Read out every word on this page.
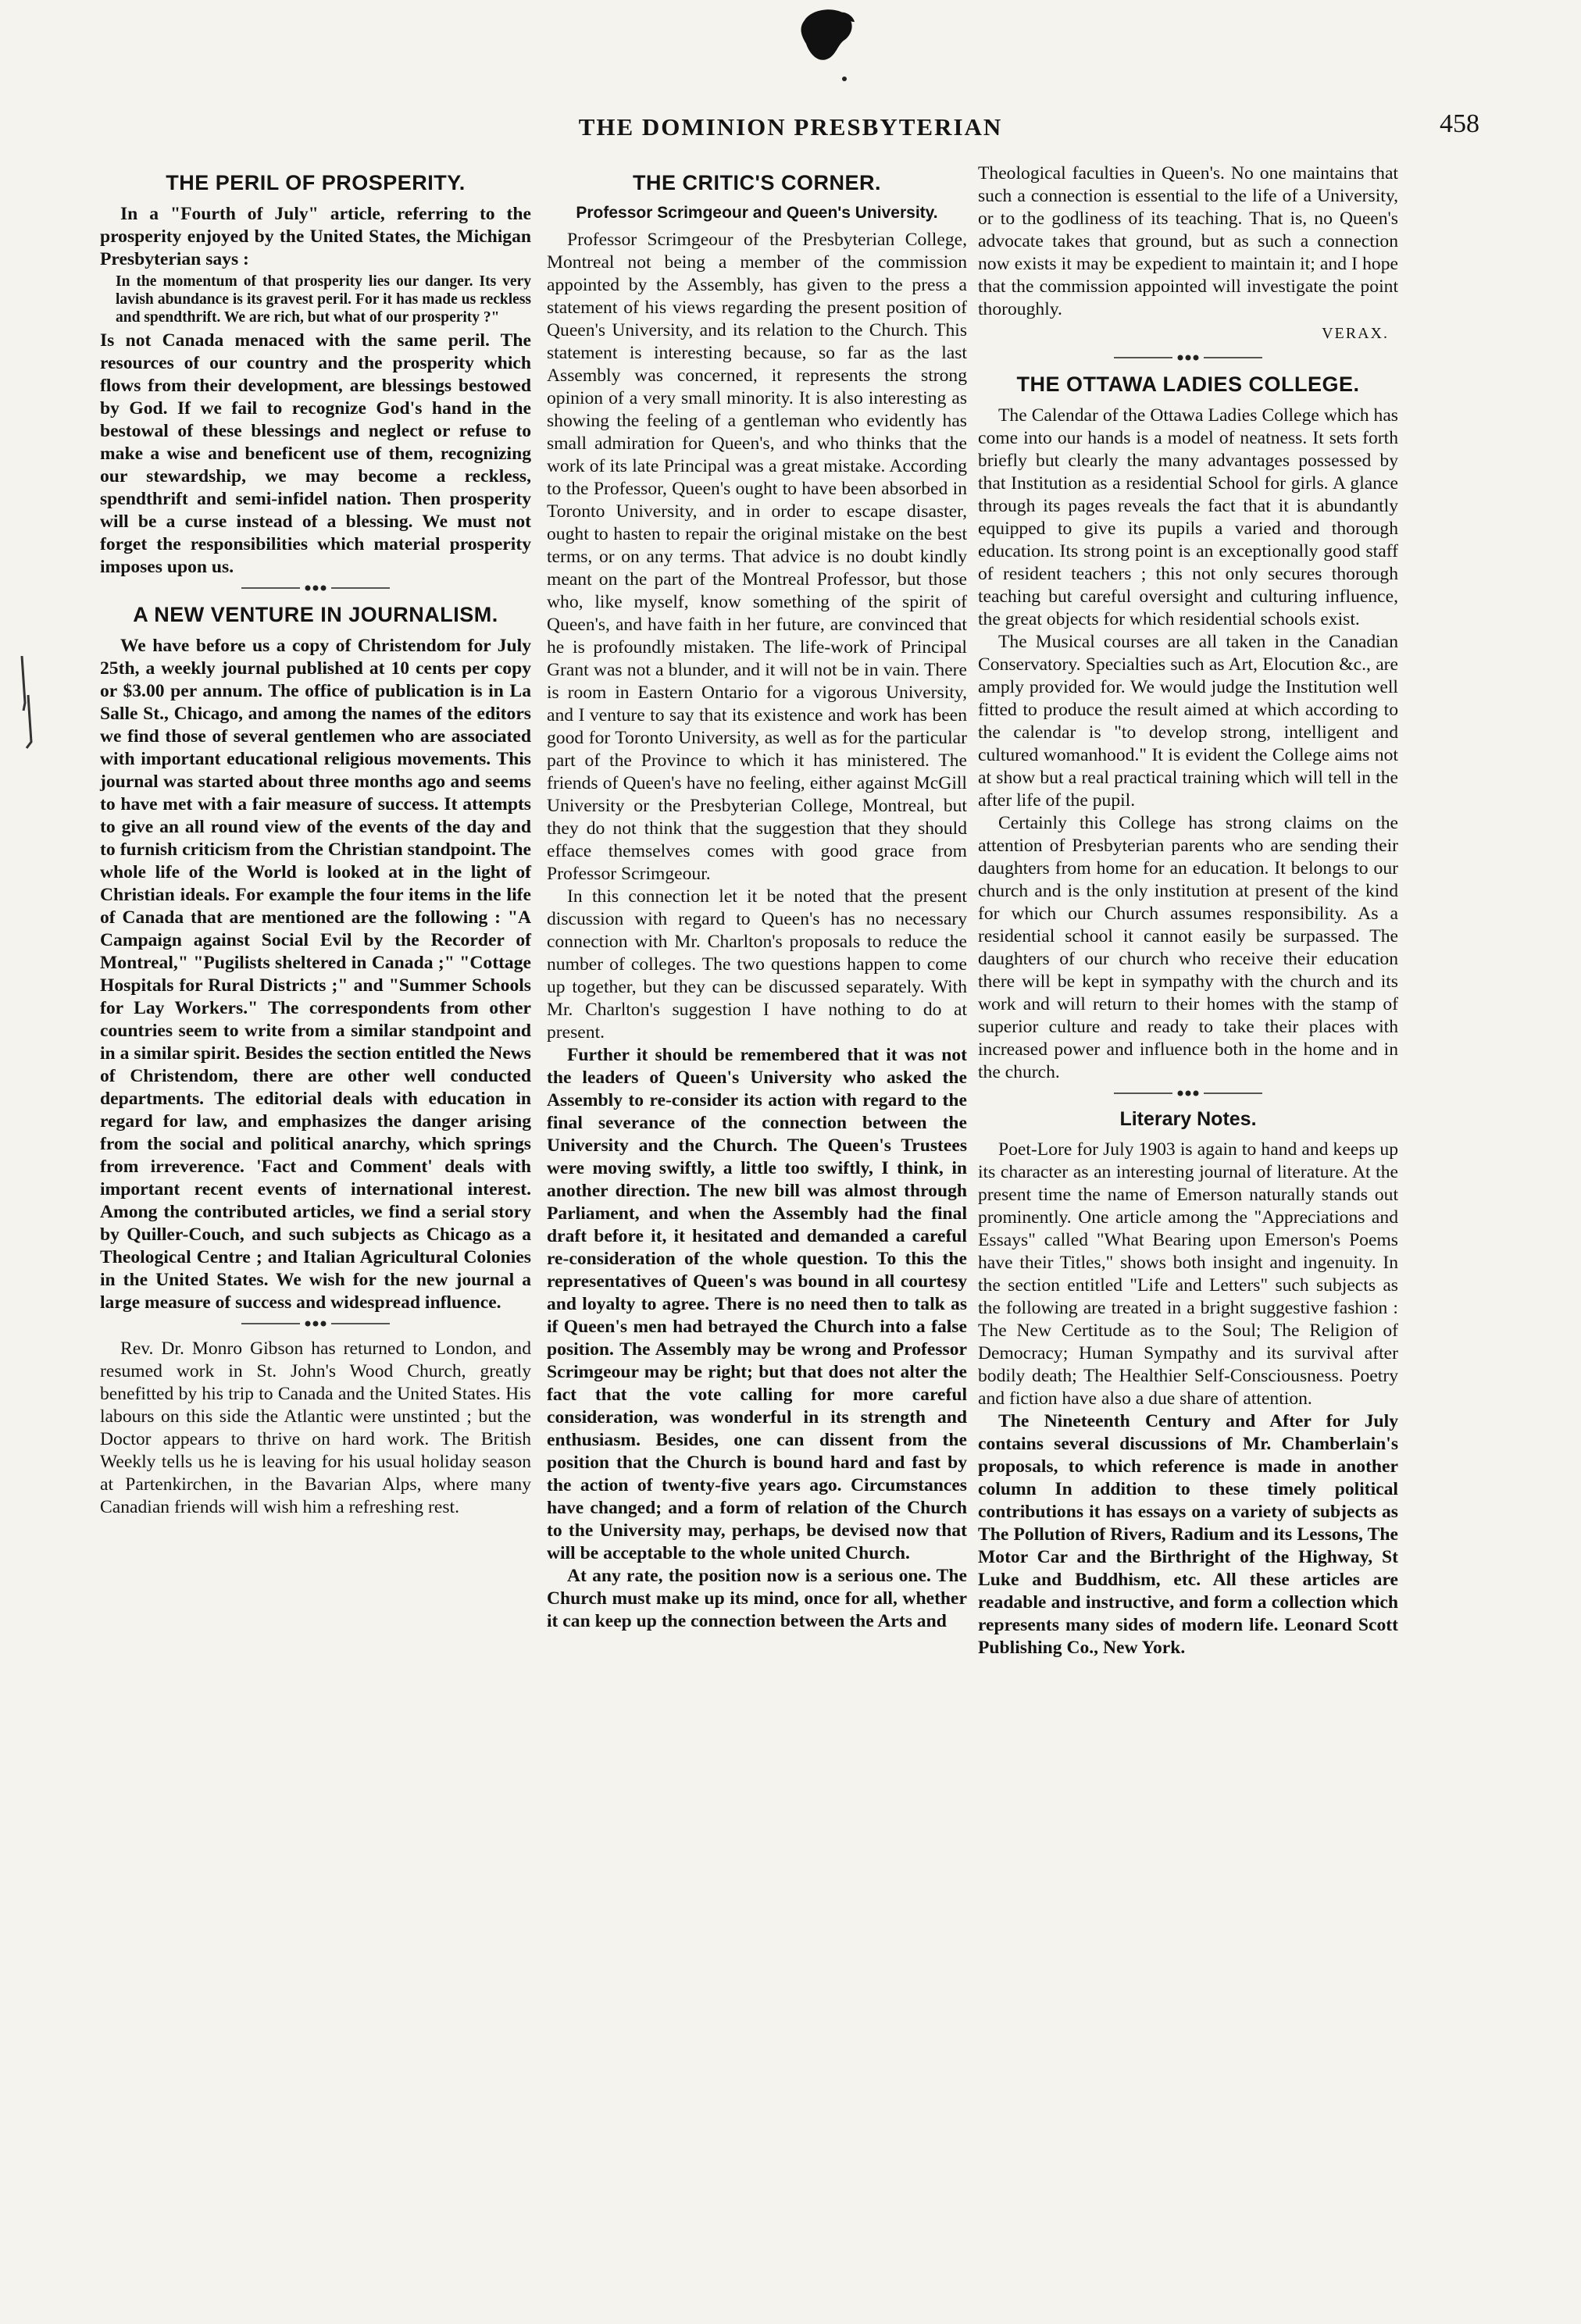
THE DOMINION PRESBYTERIAN	458
THE PERIL OF PROSPERITY.

In a "Fourth of July" article, referring to the prosperity enjoyed by the United States, the Michigan Presbyterian says :

In the momentum of that prosperity lies our danger. Its very lavish abundance is its gravest peril. For it has made us reckless and spendthrift. We are rich, but what of our prosperity ?"

Is not Canada menaced with the same peril. The resources of our country and the prosperity which flows from their development, are blessings bestowed by God. If we fail to recognize God's hand in the bestowal of these blessings and neglect or refuse to make a wise and beneficent use of them, recognizing our stewardship, we may become a reckless, spendthrift and semi-infidel nation. Then prosperity will be a curse instead of a blessing. We must not forget the responsibilities which material prosperity imposes upon us.

A NEW VENTURE IN JOURNALISM.

We have before us a copy of Christendom for July 25th, a weekly journal published at 10 cents per copy or $3.00 per annum. The office of publication is in La Salle St., Chicago, and among the names of the editors we find those of several gentlemen who are associated with important educational religious movements. This journal was started about three months ago and seems to have met with a fair measure of success. It attempts to give an all round view of the events of the day and to furnish criticism from the Christian standpoint. The whole life of the World is looked at in the light of Christian ideals. For example the four items in the life of Canada that are mentioned are the following : "A Campaign against Social Evil by the Recorder of Montreal," "Pugilists sheltered in Canada ;" "Cottage Hospitals for Rural Districts ;" and "Summer Schools for Lay Workers." The correspondents from other countries seem to write from a similar standpoint and in a similar spirit. Besides the section entitled the News of Christendom, there are other well conducted departments. The editorial deals with education in regard for law, and emphasizes the danger arising from the social and political anarchy, which springs from irreverence. 'Fact and Comment' deals with important recent events of international interest. Among the contributed articles, we find a serial story by Quiller-Couch, and such subjects as Chicago as a Theological Centre ; and Italian Agricultural Colonies in the United States. We wish for the new journal a large measure of success and widespread influence.

Rev. Dr. Monro Gibson has returned to London, and resumed work in St. John's Wood Church, greatly benefitted by his trip to Canada and the United States. His labours on this side the Atlantic were unstinted ; but the Doctor appears to thrive on hard work. The British Weekly tells us he is leaving for his usual holiday season at Partenkirchen, in the Bavarian Alps, where many Canadian friends will wish him a refreshing rest.

THE CRITIC'S CORNER.
Professor Scrimgeour and Queen's University.

Professor Scrimgeour of the Presbyterian College, Montreal not being a member of the commission appointed by the Assembly, has given to the press a statement of his views regarding the present position of Queen's University, and its relation to the Church. This statement is interesting because, so far as the last Assembly was concerned, it represents the strong opinion of a very small minority. It is also interesting as showing the feeling of a gentleman who evidently has small admiration for Queen's, and who thinks that the work of its late Principal was a great mistake. According to the Professor, Queen's ought to have been absorbed in Toronto University, and in order to escape disaster, ought to hasten to repair the original mistake on the best terms, or on any terms. That advice is no doubt kindly meant on the part of the Montreal Professor, but those who, like myself, know something of the spirit of Queen's, and have faith in her future, are convinced that he is profoundly mistaken. The life-work of Principal Grant was not a blunder, and it will not be in vain. There is room in Eastern Ontario for a vigorous University, and I venture to say that its existence and work has been good for Toronto University, as well as for the particular part of the Province to which it has ministered. The friends of Queen's have no feeling, either against McGill University or the Presbyterian College, Montreal, but they do not think that the suggestion that they should efface themselves comes with good grace from Professor Scrimgeour.

In this connection let it be noted that the present discussion with regard to Queen's has no necessary connection with Mr. Charlton's proposals to reduce the number of colleges. The two questions happen to come up together, but they can be discussed separately. With Mr. Charlton's suggestion I have nothing to do at present.

Further it should be remembered that it was not the leaders of Queen's University who asked the Assembly to re-consider its action with regard to the final severance of the connection between the University and the Church. The Queen's Trustees were moving swiftly, a little too swiftly, I think, in another direction. The new bill was almost through Parliament, and when the Assembly had the final draft before it, it hesitated and demanded a careful re-consideration of the whole question. To this the representatives of Queen's was bound in all courtesy and loyalty to agree. There is no need then to talk as if Queen's men had betrayed the Church into a false position. The Assembly may be wrong and Professor Scrimgeour may be right; but that does not alter the fact that the vote calling for more careful consideration, was wonderful in its strength and enthusiasm. Besides, one can dissent from the position that the Church is bound hard and fast by the action of twenty-five years ago. Circumstances have changed; and a form of relation of the Church to the University may, perhaps, be devised now that will be acceptable to the whole united Church.

At any rate, the position now is a serious one. The Church must make up its mind, once for all, whether it can keep up the connection between the Arts and

Theological faculties in Queen's. No one maintains that such a connection is essential to the life of a University, or to the godliness of its teaching. That is, no Queen's advocate takes that ground, but as such a connection now exists it may be expedient to maintain it; and I hope that the commission appointed will investigate the point thoroughly.

VERAX.

THE OTTAWA LADIES COLLEGE.

The Calendar of the Ottawa Ladies College which has come into our hands is a model of neatness. It sets forth briefly but clearly the many advantages possessed by that Institution as a residential School for girls. A glance through its pages reveals the fact that it is abundantly equipped to give its pupils a varied and thorough education. Its strong point is an exceptionally good staff of resident teachers ; this not only secures thorough teaching but careful oversight and culturing influence, the great objects for which residential schools exist.

The Musical courses are all taken in the Canadian Conservatory. Specialties such as Art, Elocution &c., are amply provided for. We would judge the Institution well fitted to produce the result aimed at which according to the calendar is "to develop strong, intelligent and cultured womanhood." It is evident the College aims not at show but a real practical training which will tell in the after life of the pupil.

Certainly this College has strong claims on the attention of Presbyterian parents who are sending their daughters from home for an education. It belongs to our church and is the only institution at present of the kind for which our Church assumes responsibility. As a residential school it cannot easily be surpassed. The daughters of our church who receive their education there will be kept in sympathy with the church and its work and will return to their homes with the stamp of superior culture and ready to take their places with increased power and influence both in the home and in the church.

Literary Notes.

Poet-Lore for July 1903 is again to hand and keeps up its character as an interesting journal of literature. At the present time the name of Emerson naturally stands out prominently. One article among the "Appreciations and Essays" called "What Bearing upon Emerson's Poems have their Titles," shows both insight and ingenuity. In the section entitled "Life and Letters" such subjects as the following are treated in a bright suggestive fashion : The New Certitude as to the Soul; The Religion of Democracy; Human Sympathy and its survival after bodily death; The Healthier Self-Consciousness. Poetry and fiction have also a due share of attention.

The Nineteenth Century and After for July contains several discussions of Mr. Chamberlain's proposals, to which reference is made in another column In addition to these timely political contributions it has essays on a variety of subjects as The Pollution of Rivers, Radium and its Lessons, The Motor Car and the Birthright of the Highway, St Luke and Buddhism, etc. All these articles are readable and instructive, and form a collection which represents many sides of modern life. Leonard Scott Publishing Co., New York.
